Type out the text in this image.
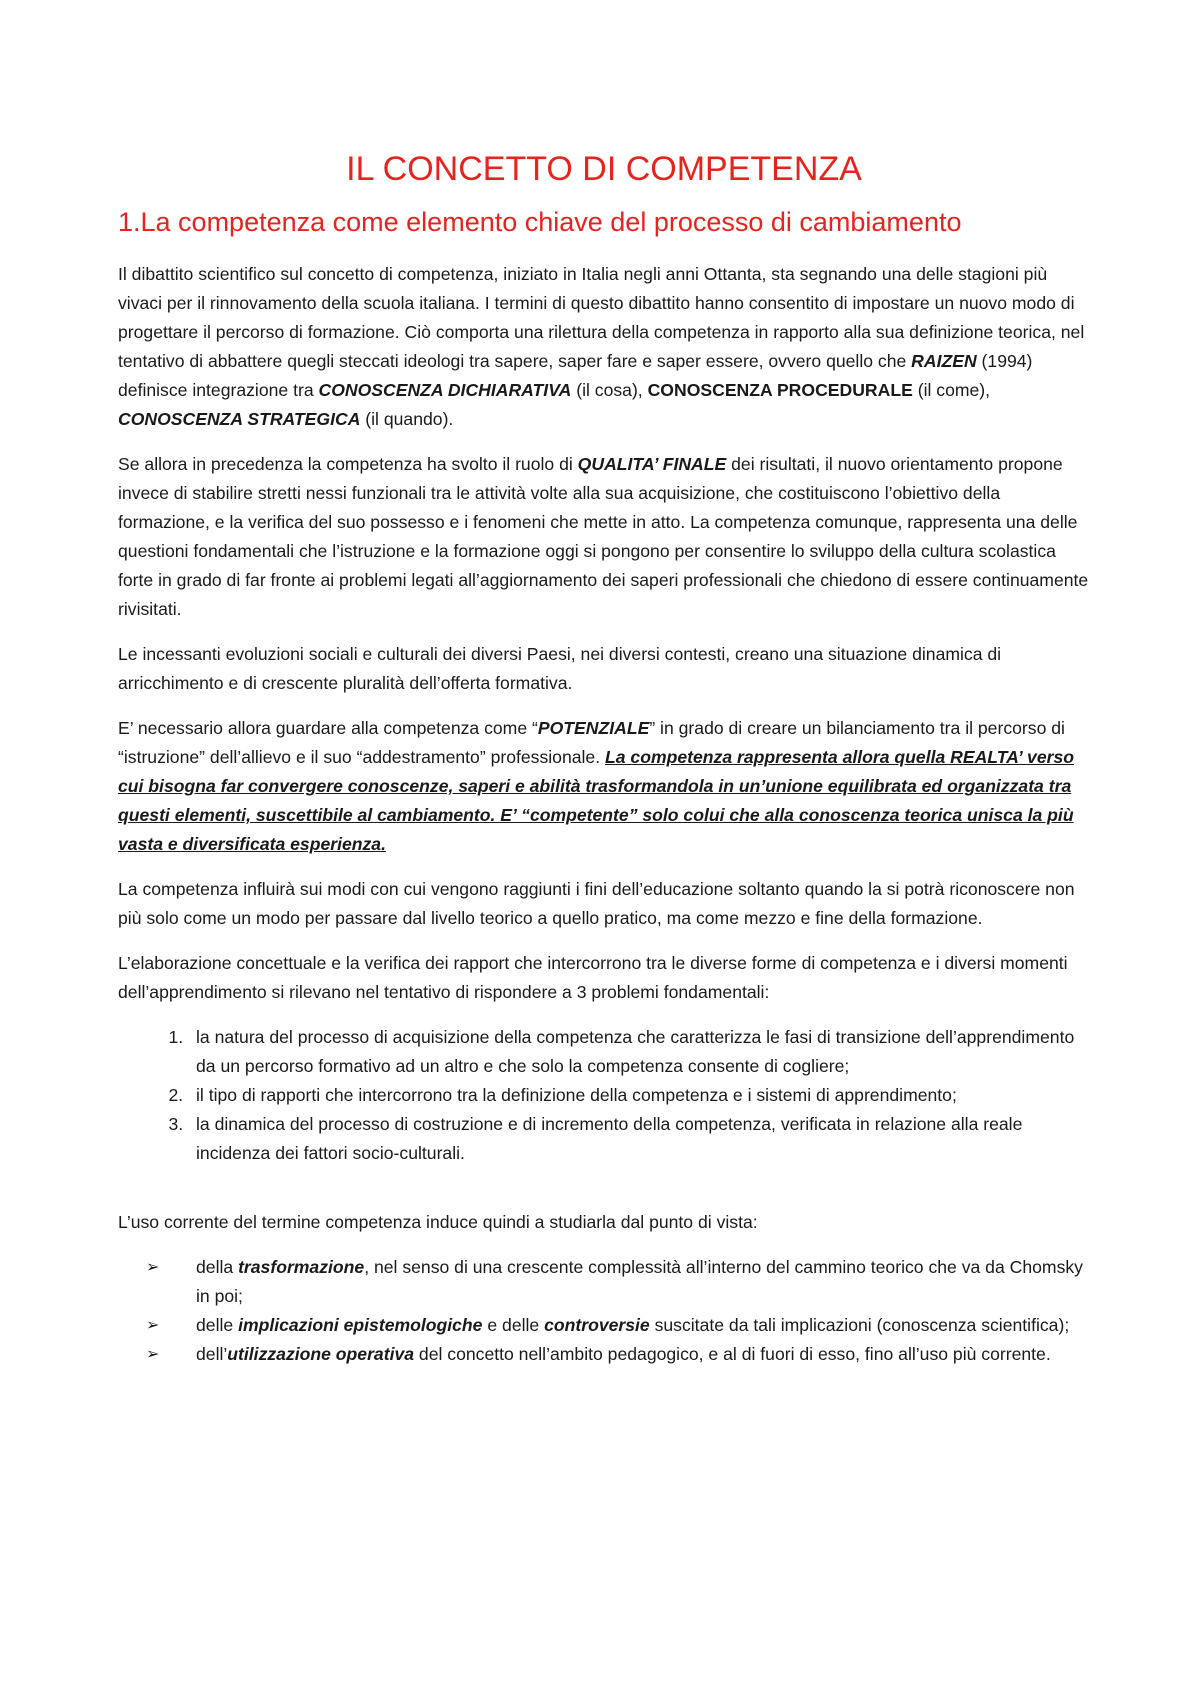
IL CONCETTO DI COMPETENZA
1.La competenza come elemento chiave del processo di cambiamento

Il dibattito scientifico sul concetto di competenza, iniziato in Italia negli anni Ottanta, sta segnando una delle stagioni più vivaci per il rinnovamento della scuola italiana. I termini di questo dibattito hanno consentito di impostare un nuovo modo di progettare il percorso di formazione. Ciò comporta una rilettura della competenza in rapporto alla sua definizione teorica, nel tentativo di abbattere quegli steccati ideologi tra sapere, saper fare e saper essere, ovvero quello che RAIZEN (1994) definisce integrazione tra CONOSCENZA DICHIARATIVA (il cosa), CONOSCENZA PROCEDURALE (il come), CONOSCENZA STRATEGICA (il quando).

Se allora in precedenza la competenza ha svolto il ruolo di QUALITA’ FINALE dei risultati, il nuovo orientamento propone invece di stabilire stretti nessi funzionali tra le attività volte alla sua acquisizione, che costituiscono l’obiettivo della formazione, e la verifica del suo possesso e i fenomeni che mette in atto. La competenza comunque, rappresenta una delle questioni fondamentali che l’istruzione e la formazione oggi si pongono per consentire lo sviluppo della cultura scolastica forte in grado di far fronte ai problemi legati all’aggiornamento dei saperi professionali che chiedono di essere continuamente rivisitati.

Le incessanti evoluzioni sociali e culturali dei diversi Paesi, nei diversi contesti, creano una situazione dinamica di arricchimento e di crescente pluralità dell’offerta formativa.

E’ necessario allora guardare alla competenza come “POTENZIALE” in grado di creare un bilanciamento tra il percorso di “istruzione” dell’allievo e il suo “addestramento” professionale. La competenza rappresenta allora quella REALTA’ verso cui bisogna far convergere conoscenze, saperi e abilità trasformandola in un’unione equilibrata ed organizzata tra questi elementi, suscettibile al cambiamento. E’ “competente” solo colui che alla conoscenza teorica unisca la più vasta e diversificata esperienza.

La competenza influirà sui modi con cui vengono raggiunti i fini dell’educazione soltanto quando la si potrà riconoscere non più solo come un modo per passare dal livello teorico a quello pratico, ma come mezzo e fine della formazione.

L’elaborazione concettuale e la verifica dei rapport che intercorrono tra le diverse forme di competenza e i diversi momenti dell’apprendimento si rilevano nel tentativo di rispondere a 3 problemi fondamentali:

1. la natura del processo di acquisizione della competenza che caratterizza le fasi di transizione dell’apprendimento da un percorso formativo ad un altro e che solo la competenza consente di cogliere;
2. il tipo di rapporti che intercorrono tra la definizione della competenza e i sistemi di apprendimento;
3. la dinamica del processo di costruzione e di incremento della competenza, verificata in relazione alla reale incidenza dei fattori socio-culturali.

L’uso corrente del termine competenza induce quindi a studiarla dal punto di vista:

➢ della trasformazione, nel senso di una crescente complessità all’interno del cammino teorico che va da Chomsky in poi;
➢ delle implicazioni epistemologiche e delle controversie suscitate da tali implicazioni (conoscenza scientifica);
➢ dell’utilizzazione operativa del concetto nell’ambito pedagogico, e al di fuori di esso, fino all’uso più corrente.
